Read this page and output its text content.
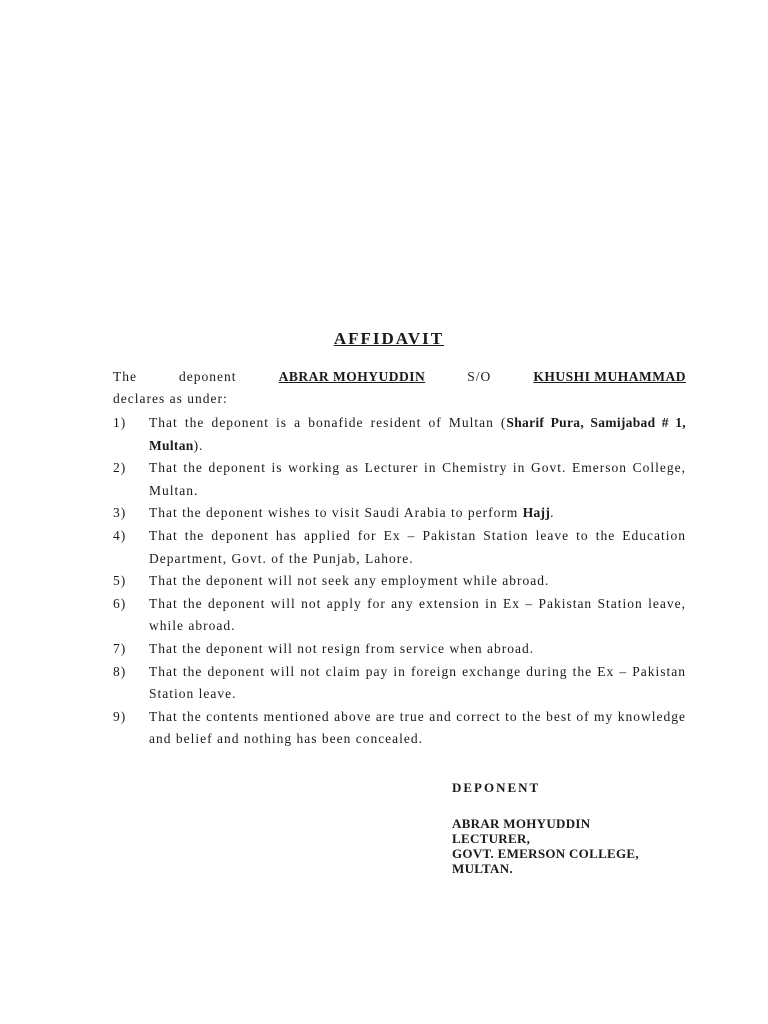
AFFIDAVIT
The	deponent	ABRAR MOHYUDDIN	S/O	KHUSHI MUHAMMAD
declares as under:
1)	That the deponent is a bonafide resident of Multan (Sharif Pura, Samijabad # 1, Multan).
2)	That the deponent is working as Lecturer in Chemistry in Govt. Emerson College, Multan.
3)	That the deponent wishes to visit Saudi Arabia to perform Hajj.
4)	That the deponent has applied for Ex – Pakistan Station leave to the Education Department, Govt. of the Punjab, Lahore.
5)	That the deponent will not seek any employment while abroad.
6)	That the deponent will not apply for any extension in Ex – Pakistan Station leave, while abroad.
7)	That the deponent will not resign from service when abroad.
8)	That the deponent will not claim pay in foreign exchange during the Ex – Pakistan Station leave.
9)	That the contents mentioned above are true and correct to the best of my knowledge and belief and nothing has been concealed.
DEPONENT
ABRAR MOHYUDDIN
LECTURER,
GOVT. EMERSON COLLEGE,
MULTAN.
